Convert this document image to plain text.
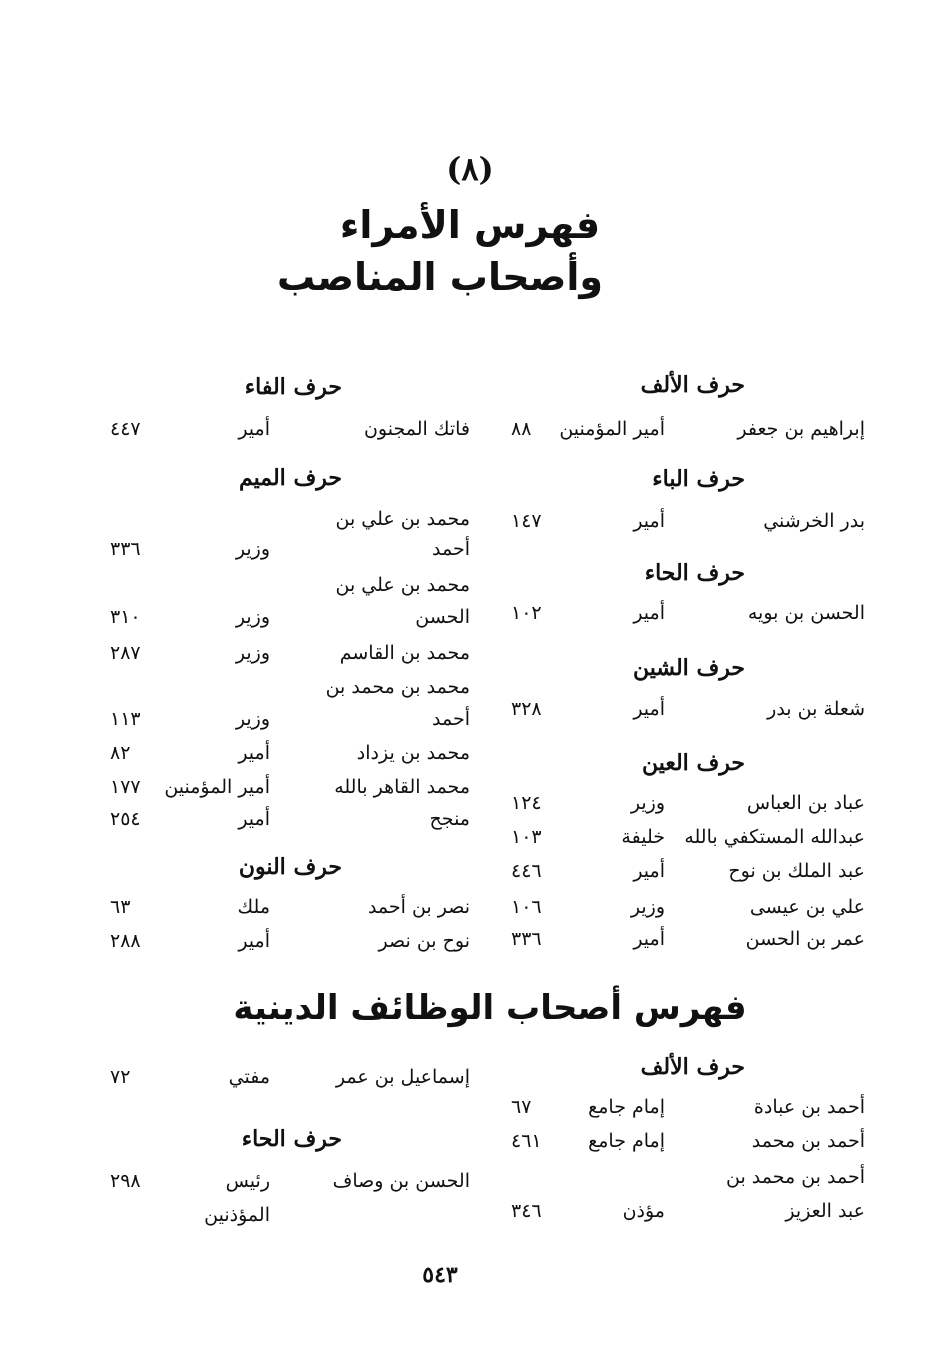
(٨)
فهرس الأمراء
وأصحاب المناصب
حرف الألف
إبراهيم بن جعفر
أمير المؤمنين
٨٨
حرف الباء
بدر الخرشني
أمير
١٤٧
حرف الحاء
الحسن بن بويه
أمير
١٠٢
حرف الشين
شعلة بن بدر
أمير
٣٢٨
حرف العين
عباد بن العباس
وزير
١٢٤
عبدالله المستكفي بالله
خليفة
١٠٣
عبد الملك بن نوح
أمير
٤٤٦
علي بن عيسى
وزير
١٠٦
عمر بن الحسن
أمير
٣٣٦
حرف الفاء
فاتك المجنون
أمير
٤٤٧
حرف الميم
محمد بن علي بن
أحمد
وزير
٣٣٦
محمد بن علي بن
الحسن
وزير
٣١٠
محمد بن القاسم
وزير
٢٨٧
محمد بن محمد بن
أحمد
وزير
١١٣
محمد بن يزداد
أمير
٨٢
محمد القاهر بالله
أمير المؤمنين
١٧٧
منجح
أمير
٢٥٤
حرف النون
نصر بن أحمد
ملك
٦٣
نوح بن نصر
أمير
٢٨٨
فهرس أصحاب الوظائف الدينية
حرف الألف
أحمد بن عبادة
إمام جامع
٦٧
أحمد بن محمد
إمام جامع
٤٦١
أحمد بن محمد بن
عبد العزيز
مؤذن
٣٤٦
إسماعيل بن عمر
مفتي
٧٢
حرف الحاء
الحسن بن وصاف
رئيس
٢٩٨
المؤذنين
٥٤٣
